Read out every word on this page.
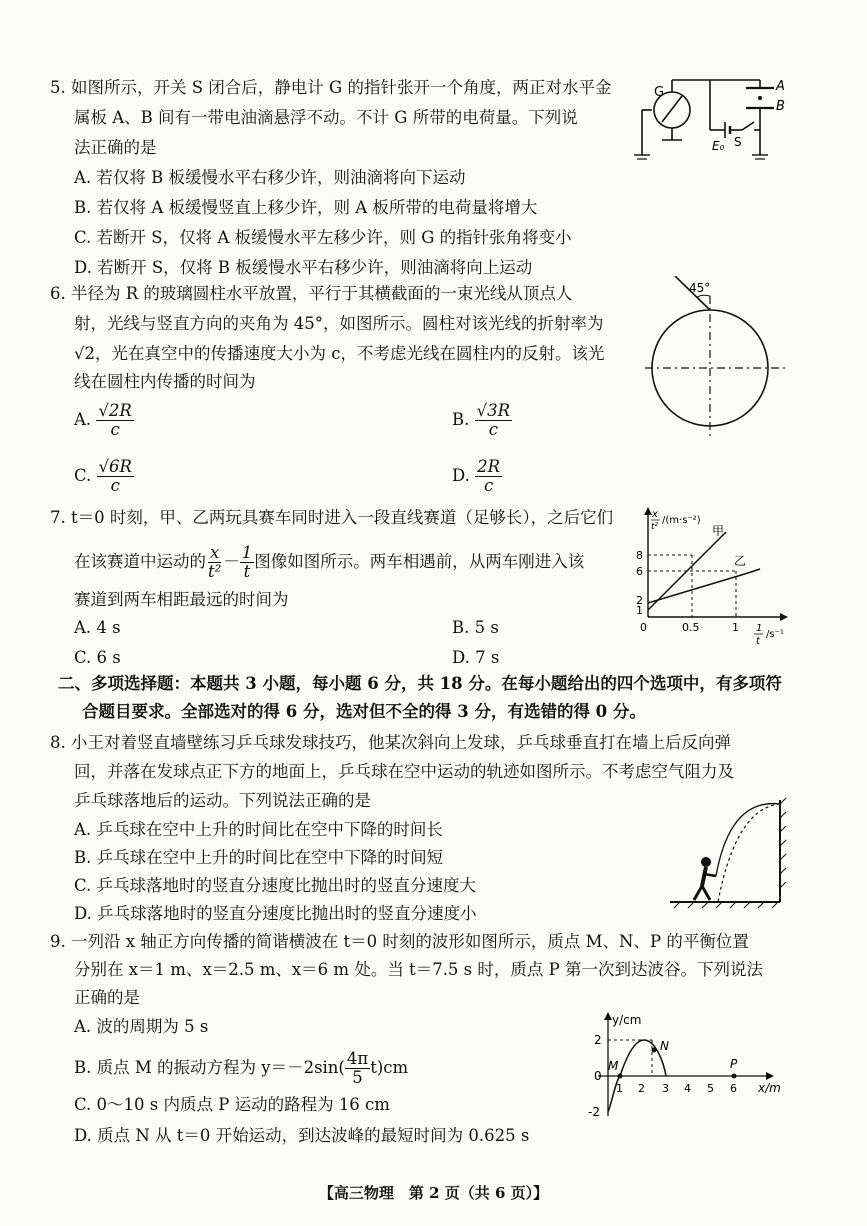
5. 如图所示，开关 S 闭合后，静电计 G 的指针张开一个角度，两正对水平金
属板 A、B 间有一带电油滴悬浮不动。不计 G 所带的电荷量。下列说
法正确的是
A. 若仅将 B 板缓慢水平右移少许，则油滴将向下运动
B. 若仅将 A 板缓慢竖直上移少许，则 A 板所带的电荷量将增大
C. 若断开 S，仅将 A 板缓慢水平左移少许，则 G 的指针张角将变小
D. 若断开 S，仅将 B 板缓慢水平右移少许，则油滴将向上运动
G	A
B
E₀ S
6. 半径为 R 的玻璃圆柱水平放置，平行于其横截面的一束光线从顶点人
射，光线与竖直方向的夹角为 45°，如图所示。圆柱对该光线的折射率为
√2，光在真空中的传播速度大小为 c，不考虑光线在圆柱内的反射。该光
线在圆柱内传播的时间为
A. $\frac{√2R}{c}$	B. $\frac{√3R}{c}$
C. $\frac{√6R}{c}$	D. $\frac{2R}{c}$
45°
7. t＝0 时刻，甲、乙两玩具赛车同时进入一段直线赛道（足够长），之后它们
在该赛道中运动的 $\frac{x}{\text{t²}} - \frac{1}{t}$ 图像如图所示。两车相遇前，从两车刚进入该
赛道到两车相距最远的时间为
A. 4 s	B. 5 s
C. 6 s	D. 7 s
x
t²
/(m·s⁻²)
甲
乙
8
6
2
1
0	0.5	1 1
t
/s⁻¹
二、多项选择题：本题共 3 小题，每小题 6 分，共 18 分。在每小题给出的四个选项中，有多项符
合题目要求。全部选对的得 6 分，选对但不全的得 3 分，有选错的得 0 分。
8. 小王对着竖直墙壁练习乒乓球发球技巧，他某次斜向上发球，乒乓球垂直打在墙上后反向弹
回，并落在发球点正下方的地面上，乒乓球在空中运动的轨迹如图所示。不考虑空气阻力及
乒乓球落地后的运动。下列说法正确的是
A. 乒乓球在空中上升的时间比在空中下降的时间长
B. 乒乓球在空中上升的时间比在空中下降的时间短
C. 乒乓球落地时的竖直分速度比抛出时的竖直分速度大
D. 乒乓球落地时的竖直分速度比抛出时的竖直分速度小
9. 一列沿 x 轴正方向传播的简谐横波在 t＝0 时刻的波形如图所示，质点 M、N、P 的平衡位置
分别在 x＝1 m、x＝2.5 m、x＝6 m 处。当 t＝7.5 s 时，质点 P 第一次到达波谷。下列说法
正确的是
A. 波的周期为 5 s
B. 质点 M 的振动方程为 $y=-2\sin( \frac{4\pi}{5} t)cm$
C. 0～10 s 内质点 P 运动的路程为 16 cm
D. 质点 N 从 t＝0 开始运动，到达波峰的最短时间为 0.625 s
y/cm
x/m
2
-2
0
M
N
P
1 2 3 4 5 6
【高三物理　第 2 页（共 6 页）】
